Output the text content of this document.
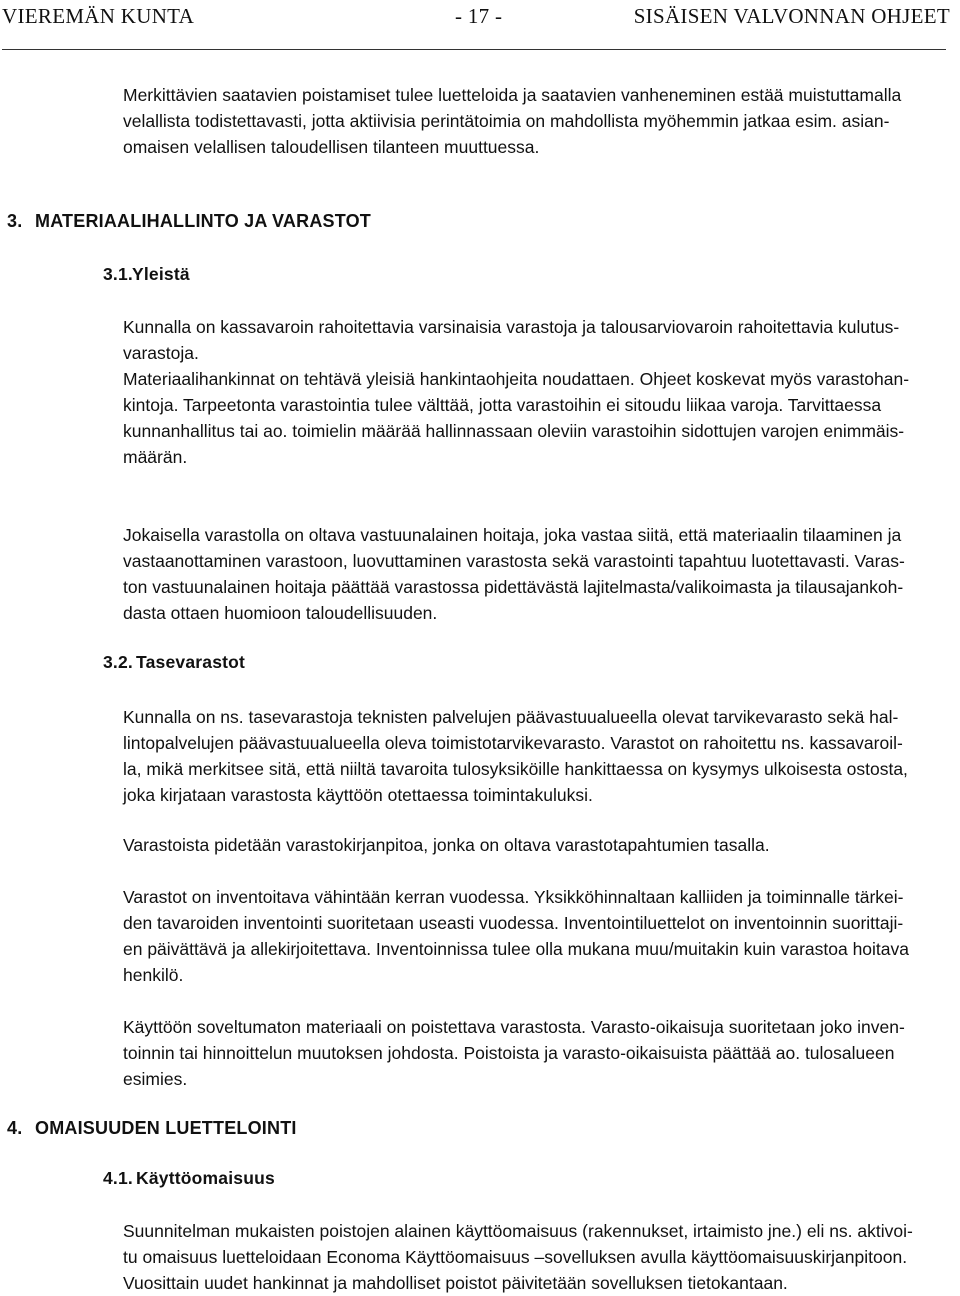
VIEREMÄN KUNTA	- 17 -	SISÄISEN VALVONNAN OHJEET
Merkittävien saatavien poistamiset tulee luetteloida ja saatavien vanheneminen estää muistuttamalla
velallista todistettavasti, jotta aktiivisia perintätoimia on mahdollista myöhemmin jatkaa esim. asian-
omaisen velallisen taloudellisen tilanteen muuttuessa.
3. MATERIAALIHALLINTO JA VARASTOT
3.1.Yleistä
Kunnalla on kassavaroin rahoitettavia varsinaisia varastoja ja talousarviovaroin rahoitettavia kulutus-
varastoja.
Materiaalihankinnat on tehtävä yleisiä hankintaohjeita noudattaen. Ohjeet koskevat myös varastohan-
kintoja. Tarpeetonta varastointia tulee välttää, jotta varastoihin ei sitoudu liikaa varoja. Tarvittaessa
kunnanhallitus tai ao. toimielin määrää hallinnassaan oleviin varastoihin sidottujen varojen enimmäis-
määrän.
Jokaisella varastolla on oltava vastuunalainen hoitaja, joka vastaa siitä, että materiaalin tilaaminen ja
vastaanottaminen varastoon, luovuttaminen varastosta sekä varastointi tapahtuu luotettavasti. Varas-
ton vastuunalainen hoitaja päättää varastossa pidettävästä lajitelmasta/valikoimasta ja tilausajankoh-
dasta ottaen huomioon taloudellisuuden.
3.2. Tasevarastot
Kunnalla on ns. tasevarastoja teknisten palvelujen päävastuualueella olevat tarvikevarasto sekä hal-
lintopalvelujen päävastuualueella oleva toimistotarvikevarasto. Varastot on rahoitettu ns. kassavaroil-
la, mikä merkitsee sitä, että niiltä tavaroita tulosyksiköille hankittaessa on kysymys ulkoisesta ostosta,
joka kirjataan varastosta käyttöön otettaessa toimintakuluksi.
Varastoista pidetään varastokirjanpitoa, jonka on oltava varastotapahtumien tasalla.
Varastot on inventoitava vähintään kerran vuodessa. Yksikköhinnaltaan kalliiden ja toiminnalle tärkei-
den tavaroiden inventointi suoritetaan useasti vuodessa. Inventointiluettelot on inventoinnin suorittaji-
en päivättävä ja allekirjoitettava. Inventoinnissa tulee olla mukana muu/muitakin kuin varastoa hoitava
henkilö.
Käyttöön soveltumaton materiaali on poistettava varastosta. Varasto-oikaisuja suoritetaan joko inven-
toinnin tai hinnoittelun muutoksen johdosta. Poistoista ja varasto-oikaisuista päättää ao. tulosalueen
esimies.
4. OMAISUUDEN LUETTELOINTI
4.1. Käyttöomaisuus
Suunnitelman mukaisten poistojen alainen käyttöomaisuus (rakennukset, irtaimisto jne.) eli ns. aktivoi-
tu omaisuus luetteloidaan Economa Käyttöomaisuus –sovelluksen avulla käyttöomaisuuskirjanpitoon.
Vuosittain uudet hankinnat ja mahdolliset poistot päivitetään sovelluksen tietokantaan.
